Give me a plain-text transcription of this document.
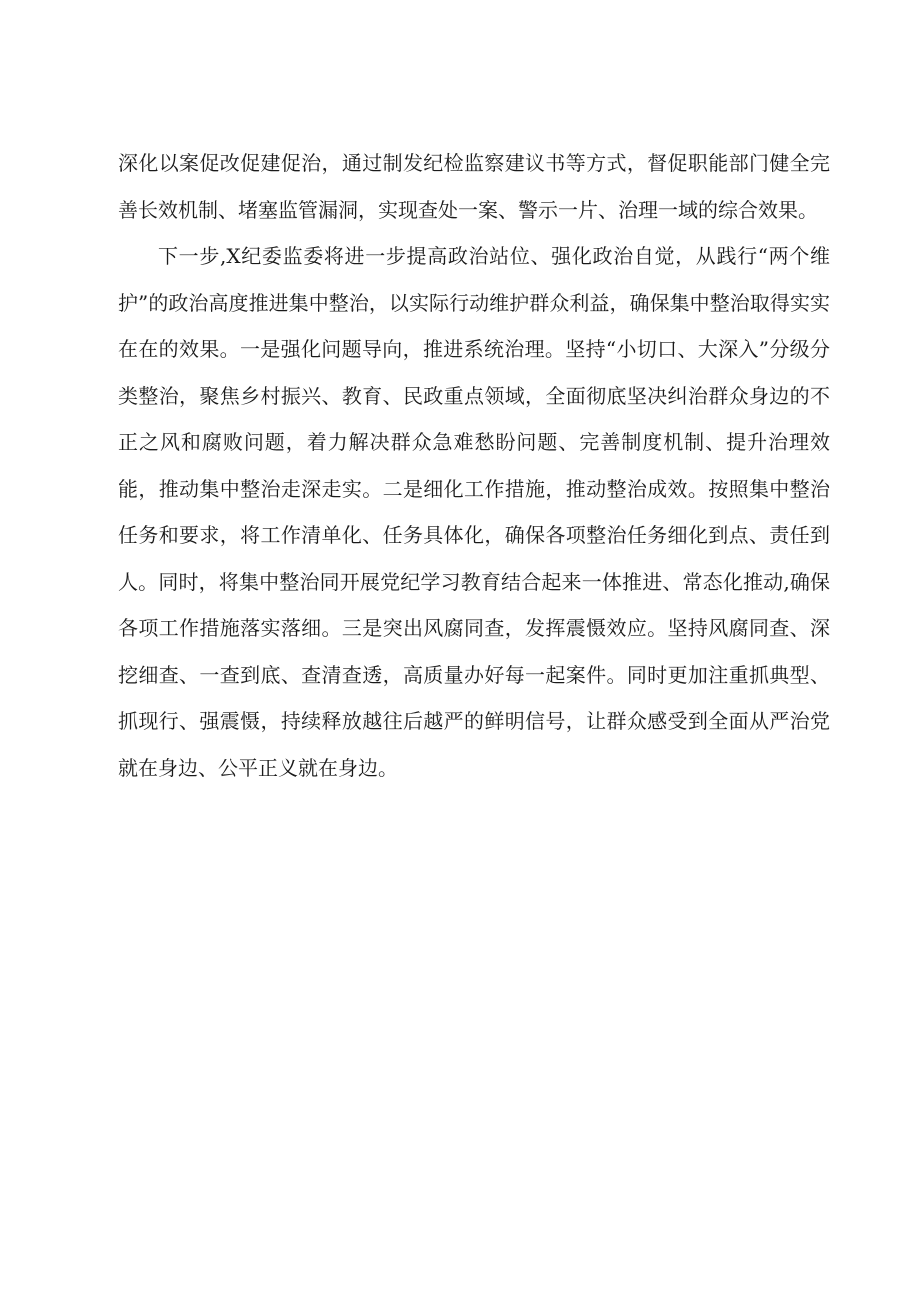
深化以案促改促建促治，通过制发纪检监察建议书等方式，督促职能部门健全完善长效机制、堵塞监管漏洞，实现查处一案、警示一片、治理一域的综合效果。

下一步,X纪委监委将进一步提高政治站位、强化政治自觉，从践行“两个维护”的政治高度推进集中整治，以实际行动维护群众利益，确保集中整治取得实实在在的效果。一是强化问题导向，推进系统治理。坚持“小切口、大深入”分级分类整治，聚焦乡村振兴、教育、民政重点领域，全面彻底坚决纠治群众身边的不正之风和腐败问题，着力解决群众急难愁盼问题、完善制度机制、提升治理效能，推动集中整治走深走实。二是细化工作措施，推动整治成效。按照集中整治任务和要求，将工作清单化、任务具体化，确保各项整治任务细化到点、责任到人。同时，将集中整治同开展党纪学习教育结合起来一体推进、常态化推动,确保各项工作措施落实落细。三是突出风腐同查，发挥震慑效应。坚持风腐同查、深挖细查、一查到底、查清查透，高质量办好每一起案件。同时更加注重抓典型、抓现行、强震慑，持续释放越往后越严的鲜明信号，让群众感受到全面从严治党就在身边、公平正义就在身边。
